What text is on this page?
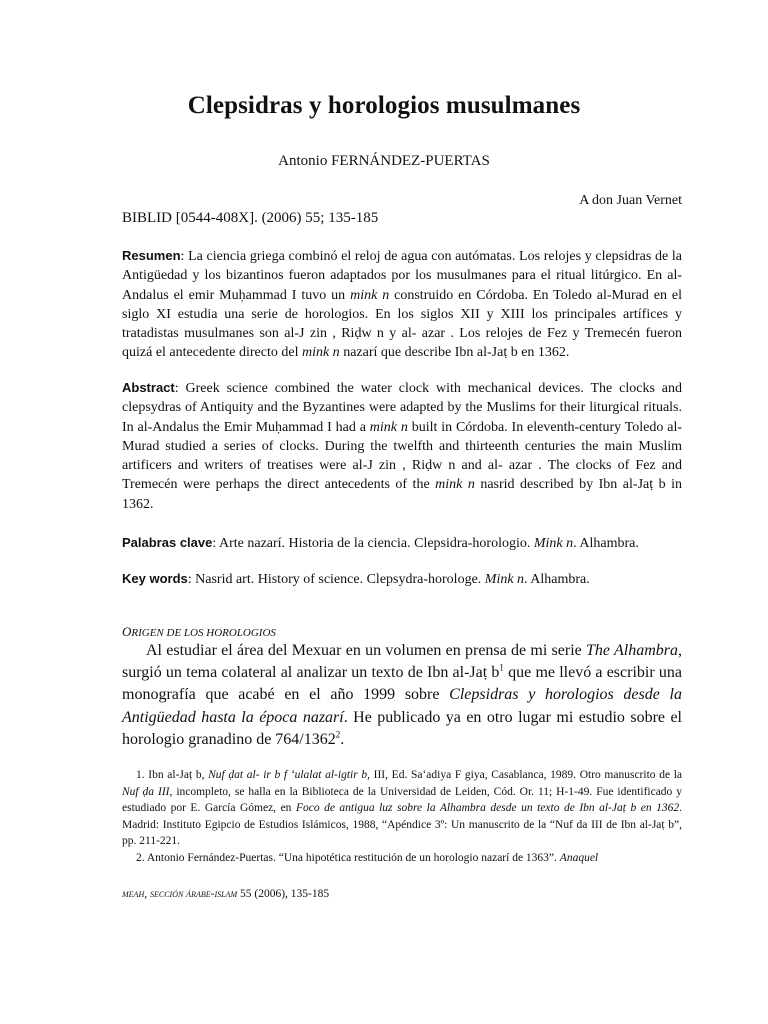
Clepsidras y horologios musulmanes
Antonio FERNÁNDEZ-PUERTAS
A don Juan Vernet
BIBLID [0544-408X]. (2006) 55; 135-185
Resumen: La ciencia griega combinó el reloj de agua con autómatas. Los relojes y clepsidras de la Antigüedad y los bizantinos fueron adaptados por los musulmanes para el ritual litúrgico. En al-Andalus el emir Muḥammad I tuvo un mink n construido en Córdoba. En Toledo al-Murad en el siglo XI estudia una serie de horologios. En los siglos XII y XIII los principales artífices y tratadistas musulmanes son al-J zin , Riḍw n y al- azar . Los relojes de Fez y Tremecén fueron quizá el antecedente directo del mink n nazarí que describe Ibn al-Jaṭ b en 1362.
Abstract: Greek science combined the water clock with mechanical devices. The clocks and clepsydras of Antiquity and the Byzantines were adapted by the Muslims for their liturgical rituals. In al-Andalus the Emir Muḥammad I had a mink n built in Córdoba. In eleventh-century Toledo al-Murad studied a series of clocks. During the twelfth and thirteenth centuries the main Muslim artificers and writers of treatises were al-J zin , Riḍw n and al- azar . The clocks of Fez and Tremecén were perhaps the direct antecedents of the mink n nasrid described by Ibn al-Jaṭ b in 1362.
Palabras clave: Arte nazarí. Historia de la ciencia. Clepsidra-horologio. Mink n. Alhambra.
Key words: Nasrid art. History of science. Clepsydra-horologe. Mink n. Alhambra.
ORIGEN DE LOS HOROLOGIOS
Al estudiar el área del Mexuar en un volumen en prensa de mi serie The Alhambra, surgió un tema colateral al analizar un texto de Ibn al-Jaṭ $b^1$ que me llevó a escribir una monografía que acabé en el año 1999 sobre Clepsidras y horologios desde la Antigüedad hasta la época nazarí. He publicado ya en otro lugar mi estudio sobre el horologio granadino de 764/1362$^2$.

1. Ibn al-Jaṭ b, Nuf ḍat al- ir b f ʻulalat al-igtir b, III, Ed. Saʻadiya F giya, Casablanca, 1989. Otro manuscrito de la Nuf ḍa III, incompleto, se halla en la Biblioteca de la Universidad de Leiden, Cód. Or. 11; H-1-49. Fue identificado y estudiado por E. García Gómez, en Foco de antigua luz sobre la Alhambra desde un texto de Ibn al-Jaṭ b en 1362. Madrid: Instituto Egipcio de Estudios Islámicos, 1988, “Apéndice 3º: Un manuscrito de la “Nuf da III de Ibn al-Jaṭ b”, pp. 211-221.

2. Antonio Fernández-Puertas. “Una hipotética restitución de un horologio nazarí de 1363”. Anaquel

meah, sección árabe-islam 55 (2006), 135-185
